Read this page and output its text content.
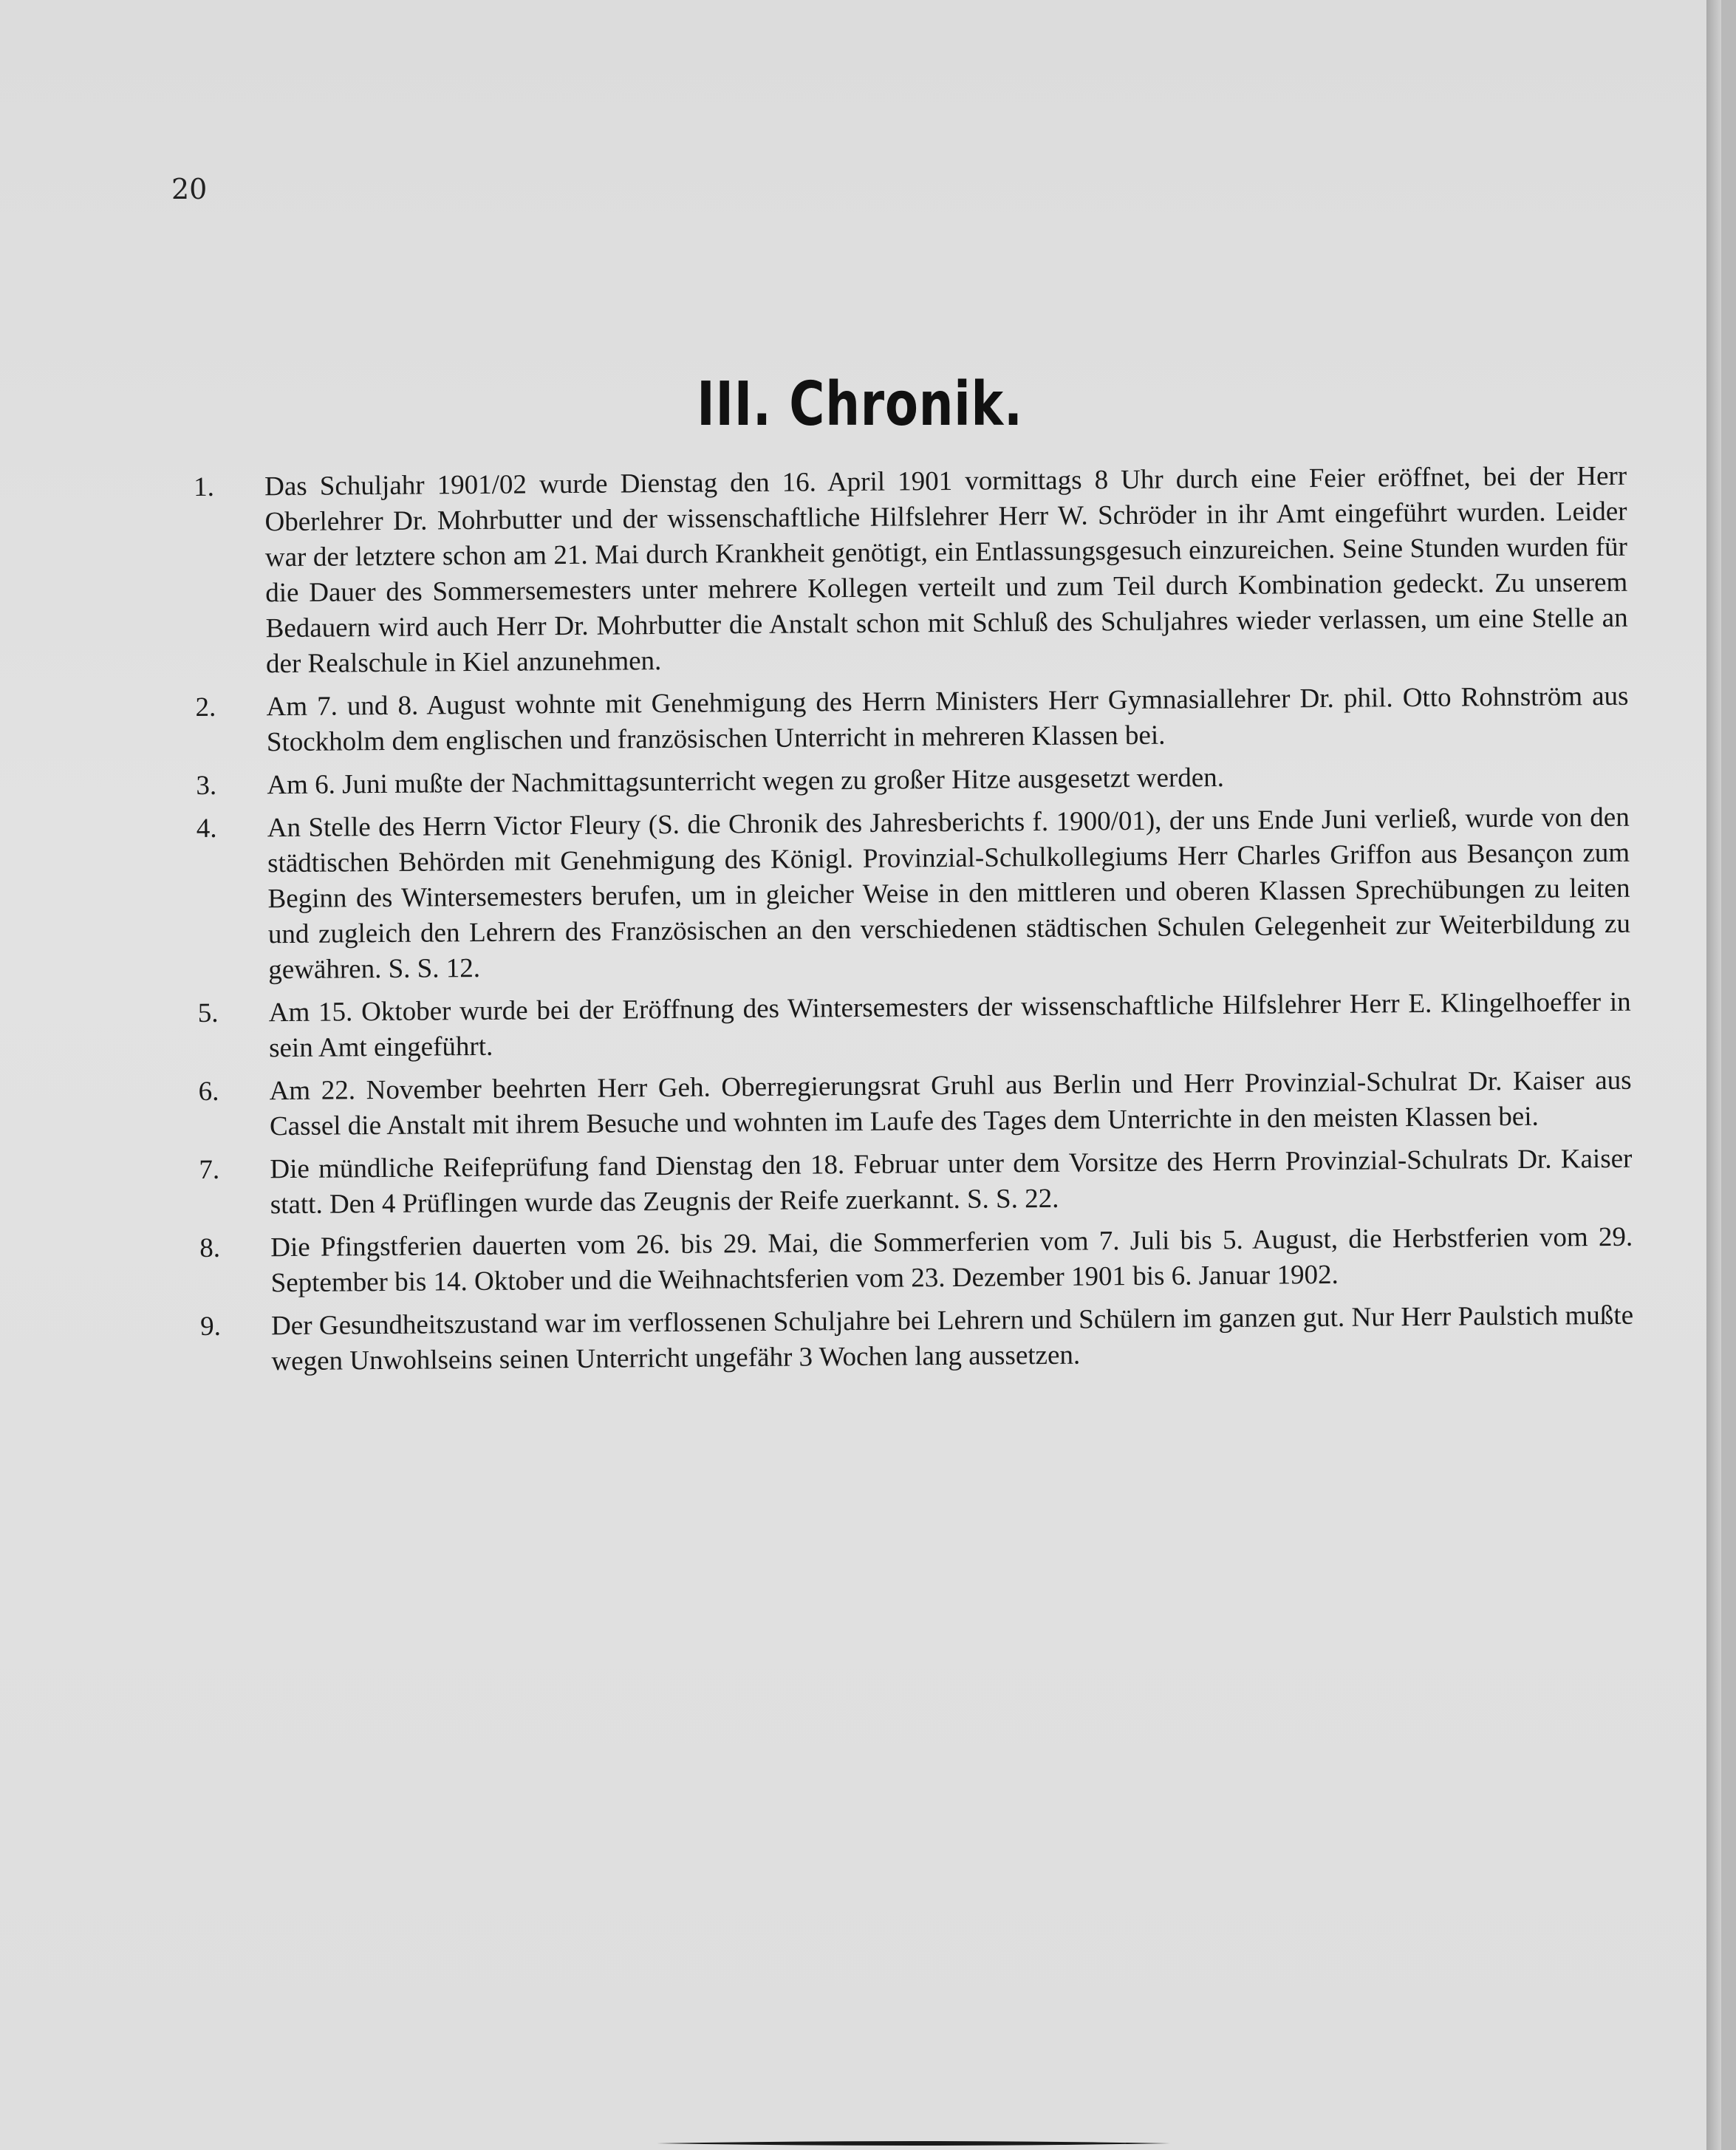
20
III. Chronik.
1.	Das Schuljahr 1901/02 wurde Dienstag den 16. April 1901 vormittags 8 Uhr durch eine Feier eröffnet, bei der Herr Oberlehrer Dr. Mohrbutter und der wissenschaftliche Hilfslehrer Herr W. Schröder in ihr Amt eingeführt wurden. Leider war der letztere schon am 21. Mai durch Krankheit genötigt, ein Entlassungsgesuch einzureichen. Seine Stunden wurden für die Dauer des Sommersemesters unter mehrere Kollegen verteilt und zum Teil durch Kombination gedeckt. Zu unserem Bedauern wird auch Herr Dr. Mohrbutter die Anstalt schon mit Schluß des Schuljahres wieder verlassen, um eine Stelle an der Realschule in Kiel anzunehmen.
2.	Am 7. und 8. August wohnte mit Genehmigung des Herrn Ministers Herr Gymnasiallehrer Dr. phil. Otto Rohnström aus Stockholm dem englischen und französischen Unterricht in mehreren Klassen bei.
3.	Am 6. Juni mußte der Nachmittagsunterricht wegen zu großer Hitze ausgesetzt werden.
4.	An Stelle des Herrn Victor Fleury (S. die Chronik des Jahresberichts f. 1900/01), der uns Ende Juni verließ, wurde von den städtischen Behörden mit Genehmigung des Königl. Provinzial-Schulkollegiums Herr Charles Griffon aus Besançon zum Beginn des Wintersemesters berufen, um in gleicher Weise in den mittleren und oberen Klassen Sprechübungen zu leiten und zugleich den Lehrern des Französischen an den verschiedenen städtischen Schulen Gelegenheit zur Weiterbildung zu gewähren. S. S. 12.
5.	Am 15. Oktober wurde bei der Eröffnung des Wintersemesters der wissenschaftliche Hilfslehrer Herr E. Klingelhoeffer in sein Amt eingeführt.
6.	Am 22. November beehrten Herr Geh. Oberregierungsrat Gruhl aus Berlin und Herr Provinzial-Schulrat Dr. Kaiser aus Cassel die Anstalt mit ihrem Besuche und wohnten im Laufe des Tages dem Unterrichte in den meisten Klassen bei.
7.	Die mündliche Reifeprüfung fand Dienstag den 18. Februar unter dem Vorsitze des Herrn Provinzial-Schulrats Dr. Kaiser statt. Den 4 Prüflingen wurde das Zeugnis der Reife zuerkannt. S. S. 22.
8.	Die Pfingstferien dauerten vom 26. bis 29. Mai, die Sommerferien vom 7. Juli bis 5. August, die Herbstferien vom 29. September bis 14. Oktober und die Weihnachtsferien vom 23. Dezember 1901 bis 6. Januar 1902.
9.	Der Gesundheitszustand war im verflossenen Schuljahre bei Lehrern und Schülern im ganzen gut. Nur Herr Paulstich mußte wegen Unwohlseins seinen Unterricht ungefähr 3 Wochen lang aussetzen.
